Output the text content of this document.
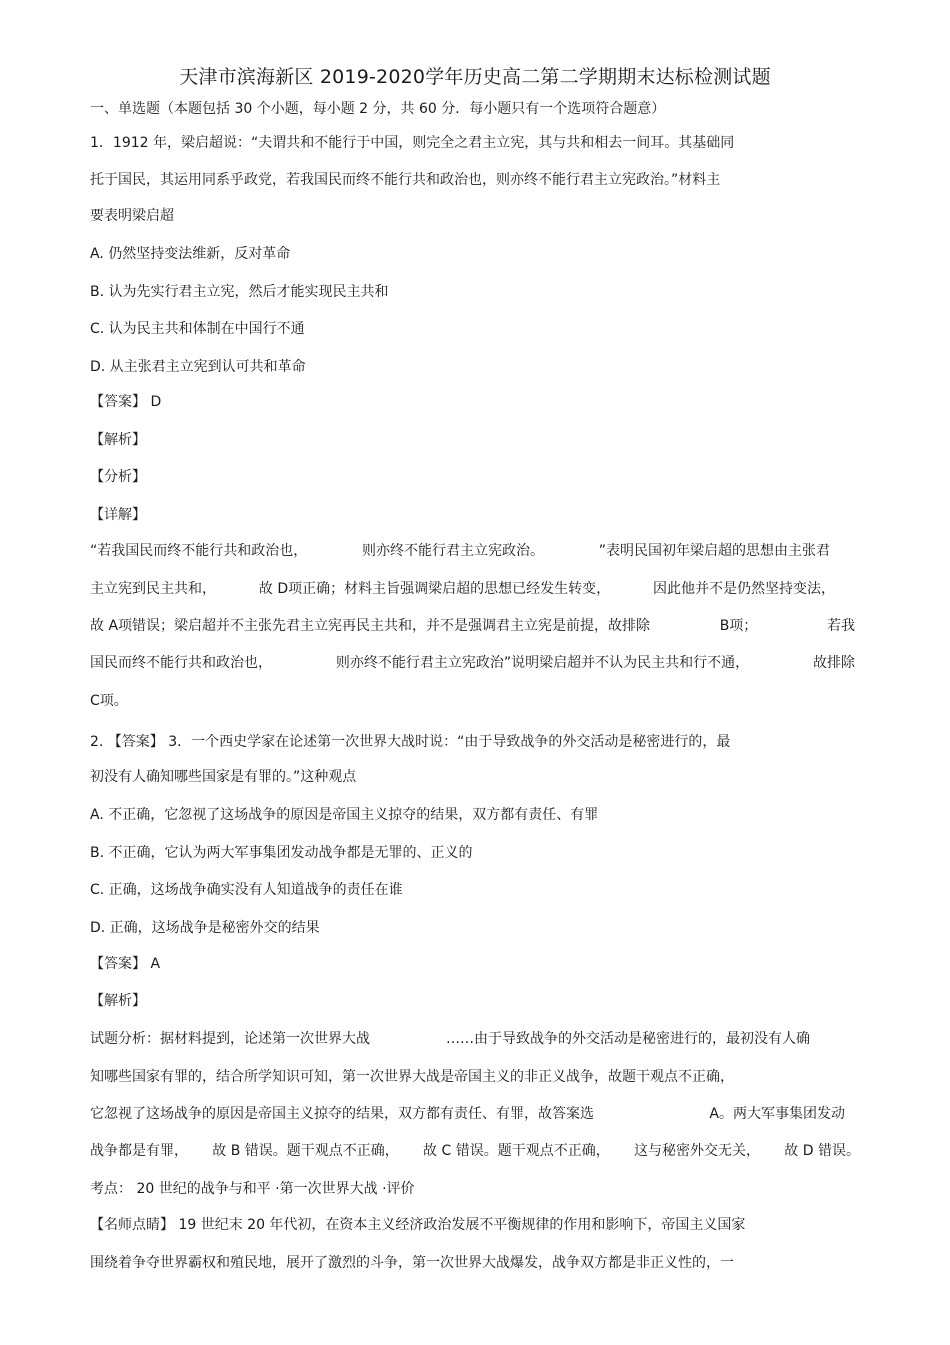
天津市滨海新区 2019-2020学年历史高二第二学期期末达标检测试题
一、单选题（本题包括 30 个小题，每小题 2 分，共 60 分．每小题只有一个选项符合题意）
1．1912 年，梁启超说：“夫谓共和不能行于中国，则完全之君主立宪，其与共和相去一间耳。其基础同
托于国民，其运用同系乎政党，若我国民而终不能行共和政治也，则亦终不能行君主立宪政治。”材料主
要表明梁启超
A. 仍然坚持变法维新，反对革命
B. 认为先实行君主立宪，然后才能实现民主共和
C. 认为民主共和体制在中国行不通
D. 从主张君主立宪到认可共和革命
【答案】 D
【解析】
【分析】
【详解】
“若我国民而终不能行共和政治也，	则亦终不能行君主立宪政治。	”表明民国初年梁启超的思想由主张君
主立宪到民主共和，	故 D项正确；材料主旨强调梁启超的思想已经发生转变，	因此他并不是仍然坚持变法，
故 A项错误；梁启超并不主张先君主立宪再民主共和，并不是强调君主立宪是前提，故排除	B项；	若我
国民而终不能行共和政治也，	则亦终不能行君主立宪政治”说明梁启超并不认为民主共和行不通，	故排除
C项。
2. 【答案】 3．一个西史学家在论述第一次世界大战时说：“由于导致战争的外交活动是秘密进行的，最
初没有人确知哪些国家是有罪的。”这种观点
A. 不正确，它忽视了这场战争的原因是帝国主义掠夺的结果，双方都有责任、有罪
B. 不正确，它认为两大军事集团发动战争都是无罪的、正义的
C. 正确，这场战争确实没有人知道战争的责任在谁
D. 正确，这场战争是秘密外交的结果
【答案】 A
【解析】
试题分析：据材料提到，论述第一次世界大战	……由于导致战争的外交活动是秘密进行的，最初没有人确
知哪些国家有罪的，结合所学知识可知，第一次世界大战是帝国主义的非正义战争，故题干观点不正确，
它忽视了这场战争的原因是帝国主义掠夺的结果，双方都有责任、有罪，故答案选	A。两大军事集团发动
战争都是有罪， 故 B 错误。题干观点不正确， 故 C 错误。题干观点不正确， 这与秘密外交无关， 故 D 错误。
考点： 20 世纪的战争与和平 ·第一次世界大战 ·评价
【名师点睛】 19 世纪末 20 年代初，在资本主义经济政治发展不平衡规律的作用和影响下，帝国主义国家
围绕着争夺世界霸权和殖民地，展开了激烈的斗争，第一次世界大战爆发，战争双方都是非正义性的，一
